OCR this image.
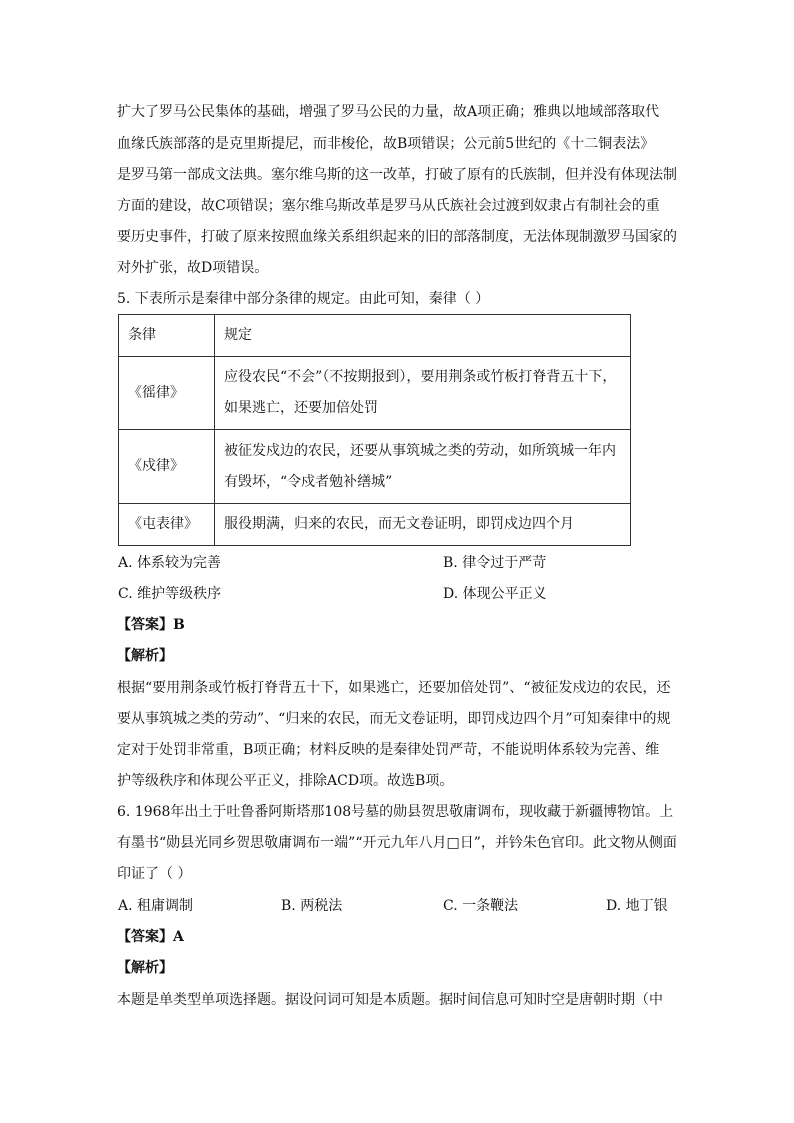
扩大了罗马公民集体的基础，增强了罗马公民的力量，故A项正确；雅典以地域部落取代
血缘氏族部落的是克里斯提尼，而非梭伦，故B项错误；公元前5世纪的《十二铜表法》
是罗马第一部成文法典。塞尔维乌斯的这一改革，打破了原有的氏族制，但并没有体现法制
方面的建设，故C项错误；塞尔维乌斯改革是罗马从氏族社会过渡到奴隶占有制社会的重
要历史事件，打破了原来按照血缘关系组织起来的旧的部落制度，无法体现制激罗马国家的
对外扩张，故D项错误。
5. 下表所示是秦律中部分条律的规定。由此可知，秦律（ ）
条律	规定
《徭律》	应役农民“不会”（不按期报到），要用荆条或竹板打脊背五十下，
如果逃亡，还要加倍处罚

《戍律》	被征发戍边的农民，还要从事筑城之类的劳动，如所筑城一年内
有毁坏，“令戍者勉补缮城”

《屯表律》	服役期满，归来的农民，而无文卷证明，即罚戍边四个月
A. 体系较为完善	B. 律令过于严苛
C. 维护等级秩序	D. 体现公平正义
【答案】B
【解析】
根据“要用荆条或竹板打脊背五十下，如果逃亡，还要加倍处罚”、“被征发戍边的农民，还
要从事筑城之类的劳动”、“归来的农民，而无文卷证明，即罚戍边四个月”可知秦律中的规
定对于处罚非常重，B项正确；材料反映的是秦律处罚严苛，不能说明体系较为完善、维
护等级秩序和体现公平正义，排除ACD项。故选B项。
6. 1968年出土于吐鲁番阿斯塔那108号墓的勋县贺思敬庸调布，现收藏于新疆博物馆。上
有墨书“勋县光同乡贺思敬庸调布一端”“开元九年八月□日”，并钤朱色官印。此文物从侧面
印证了（ ）
A. 租庸调制	B. 两税法	C. 一条鞭法	D. 地丁银
【答案】A
【解析】
本题是单类型单项选择题。据设问词可知是本质题。据时间信息可知时空是唐朝时期（中
